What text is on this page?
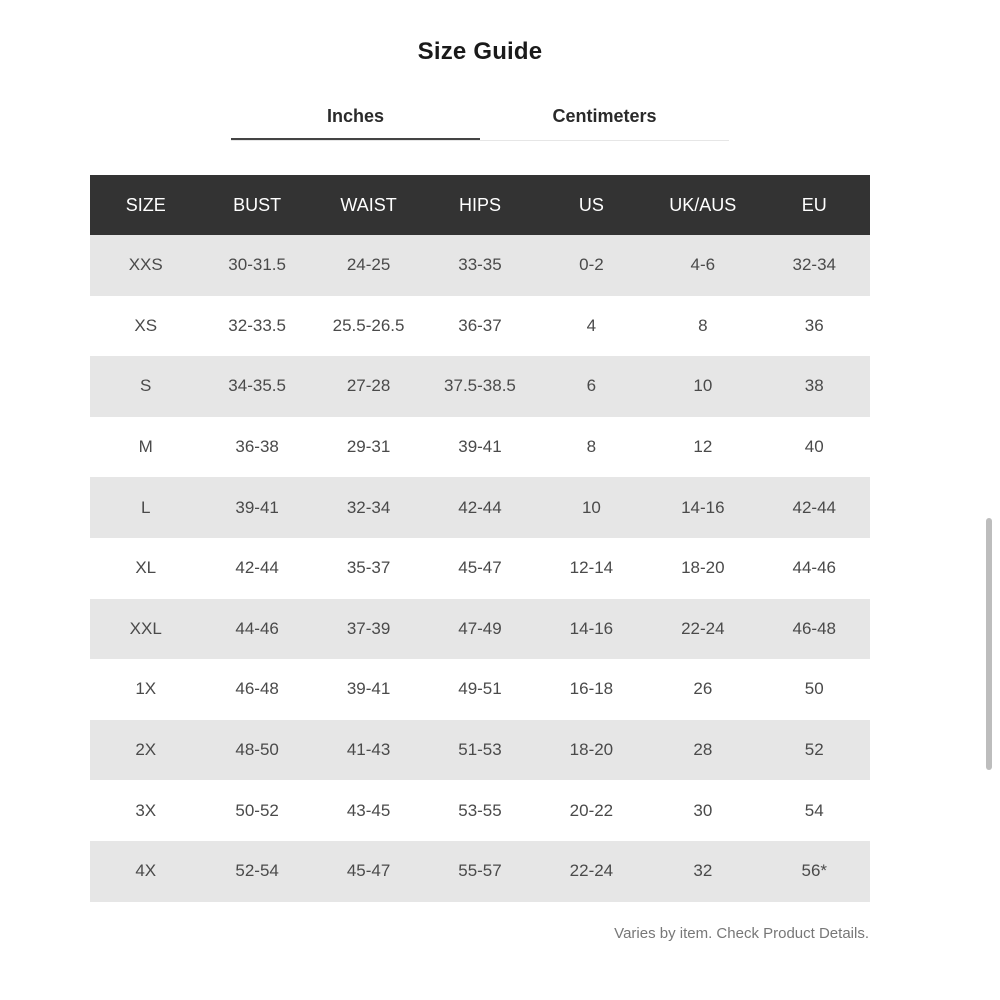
Size Guide
Inches	Centimeters
SIZE	BUST	WAIST	HIPS	US	UK/AUS	EU
XXS	30-31.5	24-25	33-35	0-2	4-6	32-34
XS	32-33.5	25.5-26.5	36-37	4	8	36
S	34-35.5	27-28	37.5-38.5	6	10	38
M	36-38	29-31	39-41	8	12	40
L	39-41	32-34	42-44	10	14-16	42-44
XL	42-44	35-37	45-47	12-14	18-20	44-46
XXL	44-46	37-39	47-49	14-16	22-24	46-48
1X	46-48	39-41	49-51	16-18	26	50
2X	48-50	41-43	51-53	18-20	28	52
3X	50-52	43-45	53-55	20-22	30	54
4X	52-54	45-47	55-57	22-24	32	56*
Varies by item. Check Product Details.
